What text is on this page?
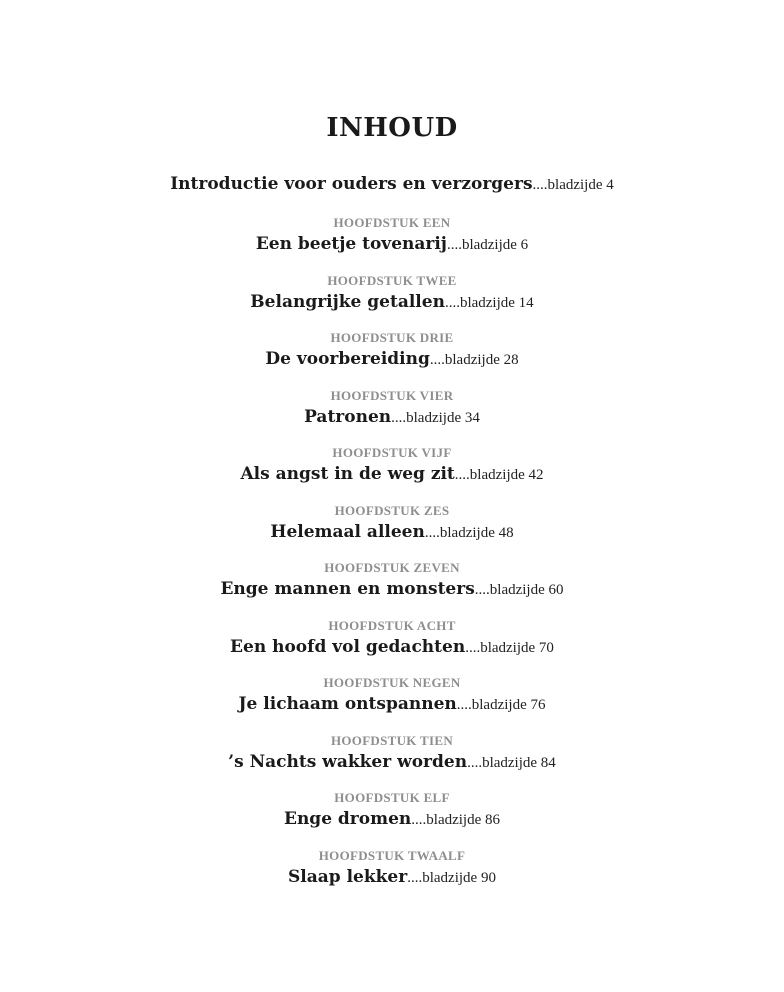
INHOUD
Introductie voor ouders en verzorgers....bladzijde 4
HOOFDSTUK EEN
Een beetje tovenarij....bladzijde 6
HOOFDSTUK TWEE
Belangrijke getallen....bladzijde 14
HOOFDSTUK DRIE
De voorbereiding....bladzijde 28
HOOFDSTUK VIER
Patronen....bladzijde 34
HOOFDSTUK VIJF
Als angst in de weg zit....bladzijde 42
HOOFDSTUK ZES
Helemaal alleen....bladzijde 48
HOOFDSTUK ZEVEN
Enge mannen en monsters....bladzijde 60
HOOFDSTUK ACHT
Een hoofd vol gedachten....bladzijde 70
HOOFDSTUK NEGEN
Je lichaam ontspannen....bladzijde 76
HOOFDSTUK TIEN
’s Nachts wakker worden....bladzijde 84
HOOFDSTUK ELF
Enge dromen....bladzijde 86
HOOFDSTUK TWAALF
Slaap lekker....bladzijde 90
